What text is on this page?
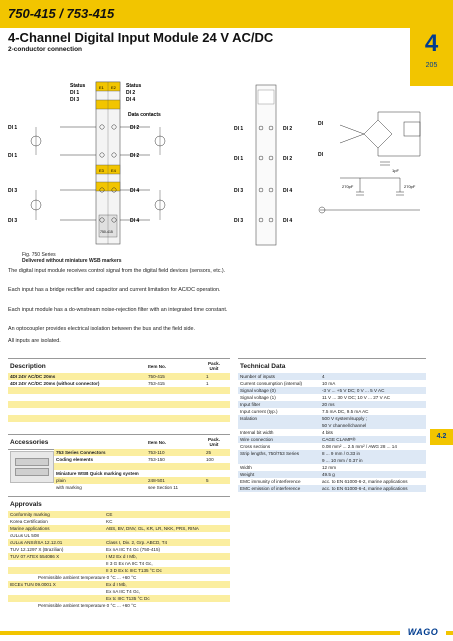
750-415 / 753-415
4-Channel Digital Input Module 24 V AC/DC
2-conductor connection	4
205
Status
DI 1
DI 3
Status
DI 2
DI 4
Data contacts
E1 E2
E3 E4
DI 1	DI 2
DI 1	DI 2
DI 3	DI 4
DI 3	DI 4
750-415
DI 1	DI 2
DI 1	DI 2
DI 3	DI 4
DI 3	DI 4
DI
DI
1pF
270pF	270pF
Fig. 750 Series
Delivered without miniature WSB markers
The digital input module receives control signal from the digital field devices (sensors, etc.).
Each input has a bridge rectifier and capacitor and current limitation for AC/DC operation.
Each input module has a do-wnstream noise-rejection filter with an integrated time constant.
An optocoupler provides electrical isolation between the bus and the field side.
All inputs are isolated.
Description	Item No.
Pack. Unit
4DI 24V AC/DC 20ms	750-415	1
4DI 24V AC/DC 20ms (without connector)	753-415	1

Accessories	Item No.
Pack. Unit
753 Series Connectors	753-110	25
Coding elements	753-150	100

Miniature WSB Quick marking system		
plain	248-501	5
with marking	see Section 11	
Approvals
Conformity marking	CE
Korea Certification	KC
Marine applications	ABS, BV, DNV, GL, KR, LR, NKK, PRS, RINA
cULus UL 508	
cULus ANSI/ISA 12.12.01	Class I, Div. 2, Grp. ABCD, T4
TUV 12.1297 X (Brazilian)	Ex nA IIC T4 Gc (750-415)
TUV 07 ATEX 554086 X	I M2 Ex d I Mb,
	II 3 G Ex nA IIC T4 Gc,
	II 3 D Ex tc IIIC T135 °C Dc
Permissible ambient temperature 0 °C ... +60 °C	
IECEx TUN 09.0001 X	Ex d I Mb,
	Ex nA IIC T4 Gc,
	Ex tc IIIC T135 °C Dc
Permissible ambient temperature 0 °C ... +60 °C	
Technical Data
Number of inputs	4
Current consumption (internal)	10 mA
Signal voltage (0)	-3 V ... +5 V DC; 0 V ... 5 V AC
Signal voltage (1)	11 V ... 30 V DC; 10 V ... 27 V AC
Input filter	20 ms
Input current (typ.)	7.5 mA DC, 9.5 mA AC
Isolation	500 V system/supply ;
	50 V channel/channel
Internal bit width	4 bits
Wire connection	CAGE CLAMP®
Cross sections	0.08 mm² ... 2.5 mm² / AWG 28 ... 14
Strip lengths, 750/753 Series	8 ... 9 mm / 0.33 in
	9 ... 10 mm / 0.37 in
Width	12 mm
Weight	49.5 g
EMC immunity of interference	acc. to EN 61000-6-2, marine applications
EMC emission of interference	acc. to EN 61000-6-4, marine applications
4.2
WAGO
